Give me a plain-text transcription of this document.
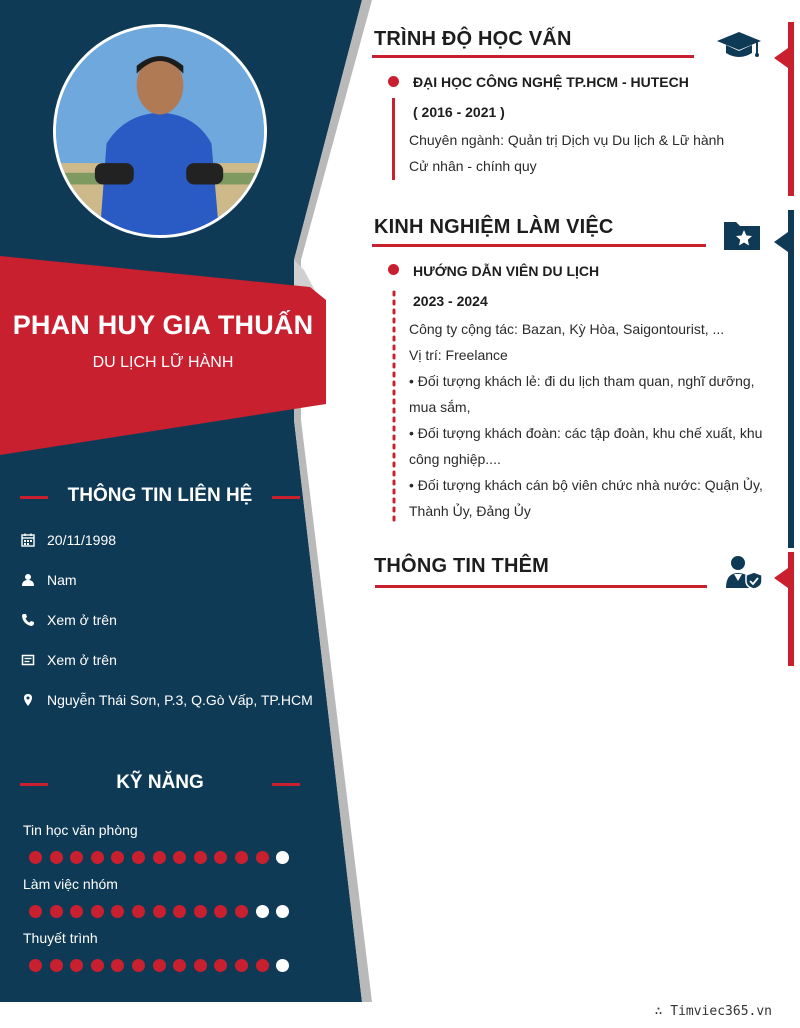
PHAN HUY GIA THUẤN
DU LỊCH LỮ HÀNH
THÔNG TIN LIÊN HỆ
20/11/1998
Nam
Xem ở trên
Xem ở trên
Nguyễn Thái Sơn, P.3, Q.Gò Vấp, TP.HCM
KỸ NĂNG
Tin học văn phòng
Làm việc nhóm
Thuyết trình
TRÌNH ĐỘ HỌC VẤN
ĐẠI HỌC CÔNG NGHỆ TP.HCM - HUTECH
( 2016 - 2021 )
Chuyên ngành: Quản trị Dịch vụ Du lịch & Lữ hành
Cử nhân - chính quy
KINH NGHIỆM LÀM VIỆC
HƯỚNG DẪN VIÊN DU LỊCH
2023 - 2024
Công ty cộng tác: Bazan, Kỳ Hòa, Saigontourist, ...
Vị trí: Freelance
• Đối tượng khách lẻ: đi du lịch tham quan, nghĩ dưỡng,
mua sắm,
• Đối tượng khách đoàn: các tập đoàn, khu chế xuất, khu
công nghiệp....
• Đối tượng khách cán bộ viên chức nhà nước: Quận Ủy,
Thành Ủy, Đảng Ủy
THÔNG TIN THÊM
∴ Timviec365.vn
